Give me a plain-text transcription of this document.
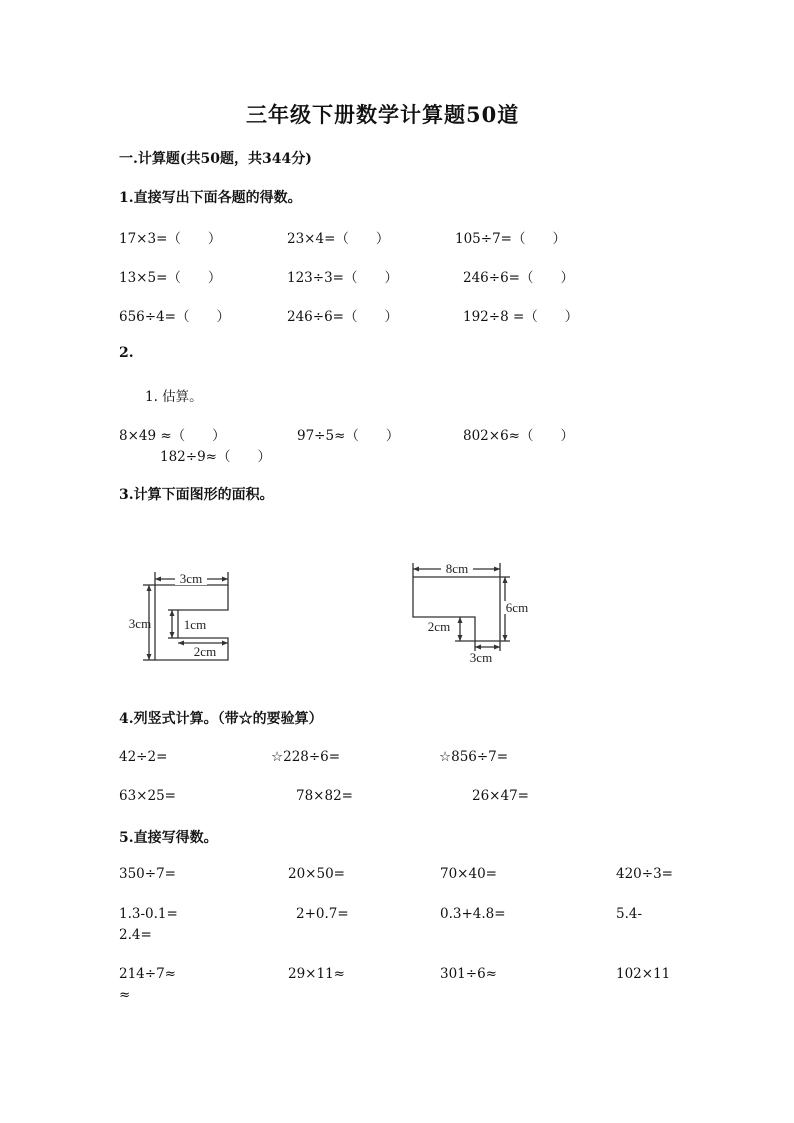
三年级下册数学计算题50道
一.计算题(共50题，共344分)
1.直接写出下面各题的得数。
17×3=（　　）	23×4=（　　）	105÷7=（　　）
13×5=（　　）	123÷3=（　　）	246÷6=（　　）
656÷4=（　　）	246÷6=（　　）	192÷8 =（　　）
2.
1. 估算。
8×49 ≈（　　）	97÷5≈（　　）	802×6≈（　　）
182÷9≈（　　）
3.计算下面图形的面积。
3cm
3cm	1cm
2cm
8cm
6cm
2cm
3cm
4.列竖式计算。（带☆的要验算）
42÷2=	☆228÷6=	☆856÷7=
63×25=	78×82=	26×47=
5.直接写得数。
350÷7=	20×50=	70×40=	420÷3=
1.3-0.1=	2+0.7=	0.3+4.8=	5.4-
2.4=
214÷7≈	29×11≈	301÷6≈	102×11
≈
